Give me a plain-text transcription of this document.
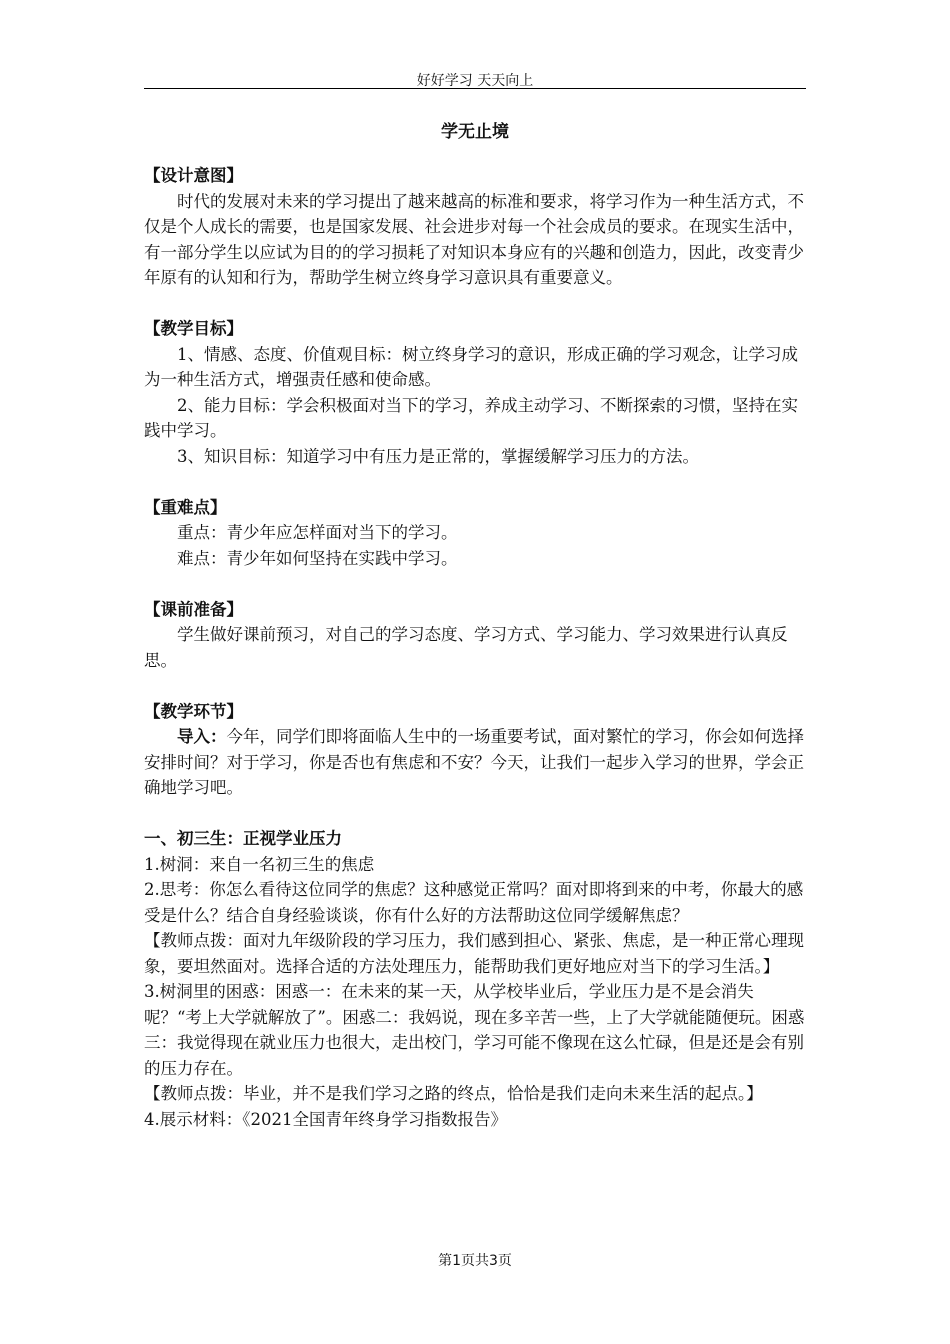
好好学习 天天向上
学无止境

【设计意图】

时代的发展对未来的学习提出了越来越高的标准和要求，将学习作为一种生活方式，不仅是个人成长的需要，也是国家发展、社会进步对每一个社会成员的要求。在现实生活中，有一部分学生以应试为目的的学习损耗了对知识本身应有的兴趣和创造力，因此，改变青少年原有的认知和行为，帮助学生树立终身学习意识具有重要意义。

【教学目标】

1、情感、态度、价值观目标：树立终身学习的意识，形成正确的学习观念，让学习成为一种生活方式，增强责任感和使命感。

2、能力目标：学会积极面对当下的学习，养成主动学习、不断探索的习惯，坚持在实践中学习。

3、知识目标：知道学习中有压力是正常的，掌握缓解学习压力的方法。

【重难点】

重点：青少年应怎样面对当下的学习。

难点：青少年如何坚持在实践中学习。

【课前准备】

学生做好课前预习，对自己的学习态度、学习方式、学习能力、学习效果进行认真反思。

【教学环节】

导入：今年，同学们即将面临人生中的一场重要考试，面对繁忙的学习，你会如何选择安排时间？对于学习，你是否也有焦虑和不安？今天，让我们一起步入学习的世界，学会正确地学习吧。

一、初三生：正视学业压力

1.树洞：来自一名初三生的焦虑

2.思考：你怎么看待这位同学的焦虑？这种感觉正常吗？面对即将到来的中考，你最大的感受是什么？结合自身经验谈谈，你有什么好的方法帮助这位同学缓解焦虑？

【教师点拨：面对九年级阶段的学习压力，我们感到担心、紧张、焦虑，是一种正常心理现象，要坦然面对。选择合适的方法处理压力，能帮助我们更好地应对当下的学习生活。】

3.树洞里的困惑：困惑一：在未来的某一天，从学校毕业后，学业压力是不是会消失呢？“考上大学就解放了”。困惑二：我妈说，现在多辛苦一些，上了大学就能随便玩。困惑三：我觉得现在就业压力也很大，走出校门，学习可能不像现在这么忙碌，但是还是会有别的压力存在。

【教师点拨：毕业，并不是我们学习之路的终点，恰恰是我们走向未来生活的起点。】

4.展示材料：《2021全国青年终身学习指数报告》

第1页共3页
